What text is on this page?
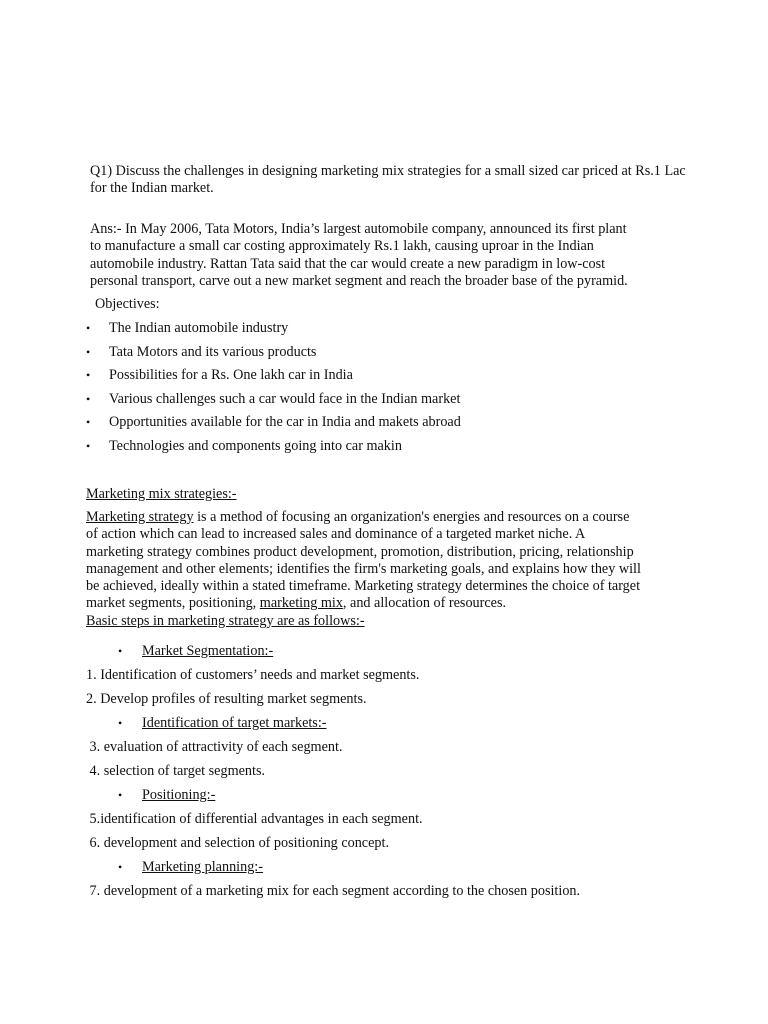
Q1) Discuss the challenges in designing marketing mix strategies for a small sized car priced at Rs.1 Lac for the Indian market.

Ans:- In May 2006, Tata Motors, India’s largest automobile company, announced its first plant

to manufacture a small car costing approximately Rs.1 lakh, causing uproar in the Indian

automobile industry. Rattan Tata said that the car would create a new paradigm in low-cost

personal transport, carve out a new market segment and reach the broader base of the pyramid.

Objectives:

• The Indian automobile industry
• Tata Motors and its various products
• Possibilities for a Rs. One lakh car in India
• Various challenges such a car would face in the Indian market
• Opportunities available for the car in India and makets abroad
• Technologies and components going into car makin

Marketing mix strategies:-

Marketing strategy is a method of focusing an organization's energies and resources on a course

of action which can lead to increased sales and dominance of a targeted market niche. A

marketing strategy combines product development, promotion, distribution, pricing, relationship

management and other elements; identifies the firm's marketing goals, and explains how they will

be achieved, ideally within a stated timeframe. Marketing strategy determines the choice of target

market segments, positioning, marketing mix, and allocation of resources.

Basic steps in marketing strategy are as follows:-

• Market Segmentation:-
1. Identification of customers’ needs and market segments.
2. Develop profiles of resulting market segments.
• Identification of target markets:-
3. evaluation of attractivity of each segment.
4. selection of target segments.
• Positioning:-
5.identification of differential advantages in each segment.
6. development and selection of positioning concept.
• Marketing planning:-
7. development of a marketing mix for each segment according to the chosen position.
